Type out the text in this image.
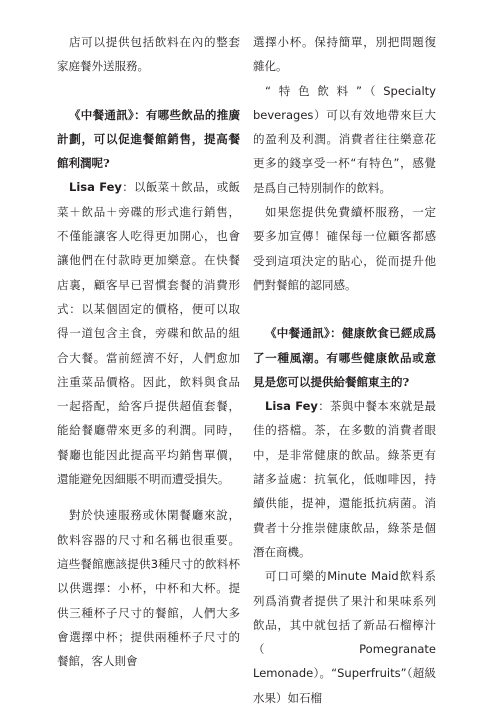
店可以提供包括飲料在內的整套家庭餐外送服務。

《中餐通訊》：有哪些飲品的推廣計劃，可以促進餐館銷售，提高餐館利潤呢?

Lisa Fey：以飯菜＋飲品，或飯菜＋飲品＋旁碟的形式進行銷售，不僅能讓客人吃得更加開心，也會讓他們在付款時更加樂意。在快餐店裏，顧客早已習慣套餐的消費形式：以某個固定的價格，便可以取得一道包含主食，旁碟和飲品的組合大餐。當前經濟不好，人們愈加注重菜品價格。因此，飲料與食品一起搭配，給客戶提供超值套餐，能給餐廳帶來更多的利潤。同時，餐廳也能因此提高平均銷售單價，還能避免因細賬不明而遭受損失。

對於快速服務或休閑餐廳來說，飲料容器的尺寸和名稱也很重要。這些餐館應該提供3種尺寸的飲料杯以供選擇：小杯，中杯和大杯。提供三種杯子尺寸的餐館，人們大多會選擇中杯；提供兩種杯子尺寸的餐館，客人則會

選擇小杯。保持簡單，別把問題復雜化。

“特色飲料”（Specialty beverages）可以有效地帶來巨大的盈利及利潤。消費者往往樂意花更多的錢享受一杯“有特色”，感覺是爲自己特別制作的飲料。

如果您提供免費續杯服務，一定要多加宣傳！確保每一位顧客都感受到這項決定的貼心，從而提升他們對餐館的認同感。

《中餐通訊》：健康飲食已經成爲了一種風潮。有哪些健康飲品或意見是您可以提供給餐館東主的?

Lisa Fey：茶與中餐本來就是最佳的搭檔。茶，在多數的消費者眼中，是非常健康的飲品。綠茶更有諸多益處：抗氧化，低咖啡因，持續供能，提神，還能抵抗病菌。消費者十分推崇健康飲品，綠茶是個潛在商機。

可口可樂的Minute Maid飲料系列爲消費者提供了果汁和果味系列飲品，其中就包括了新品石榴檸汁（Pomegranate Lemonade）。“Superfruits”（超級水果）如石榴
